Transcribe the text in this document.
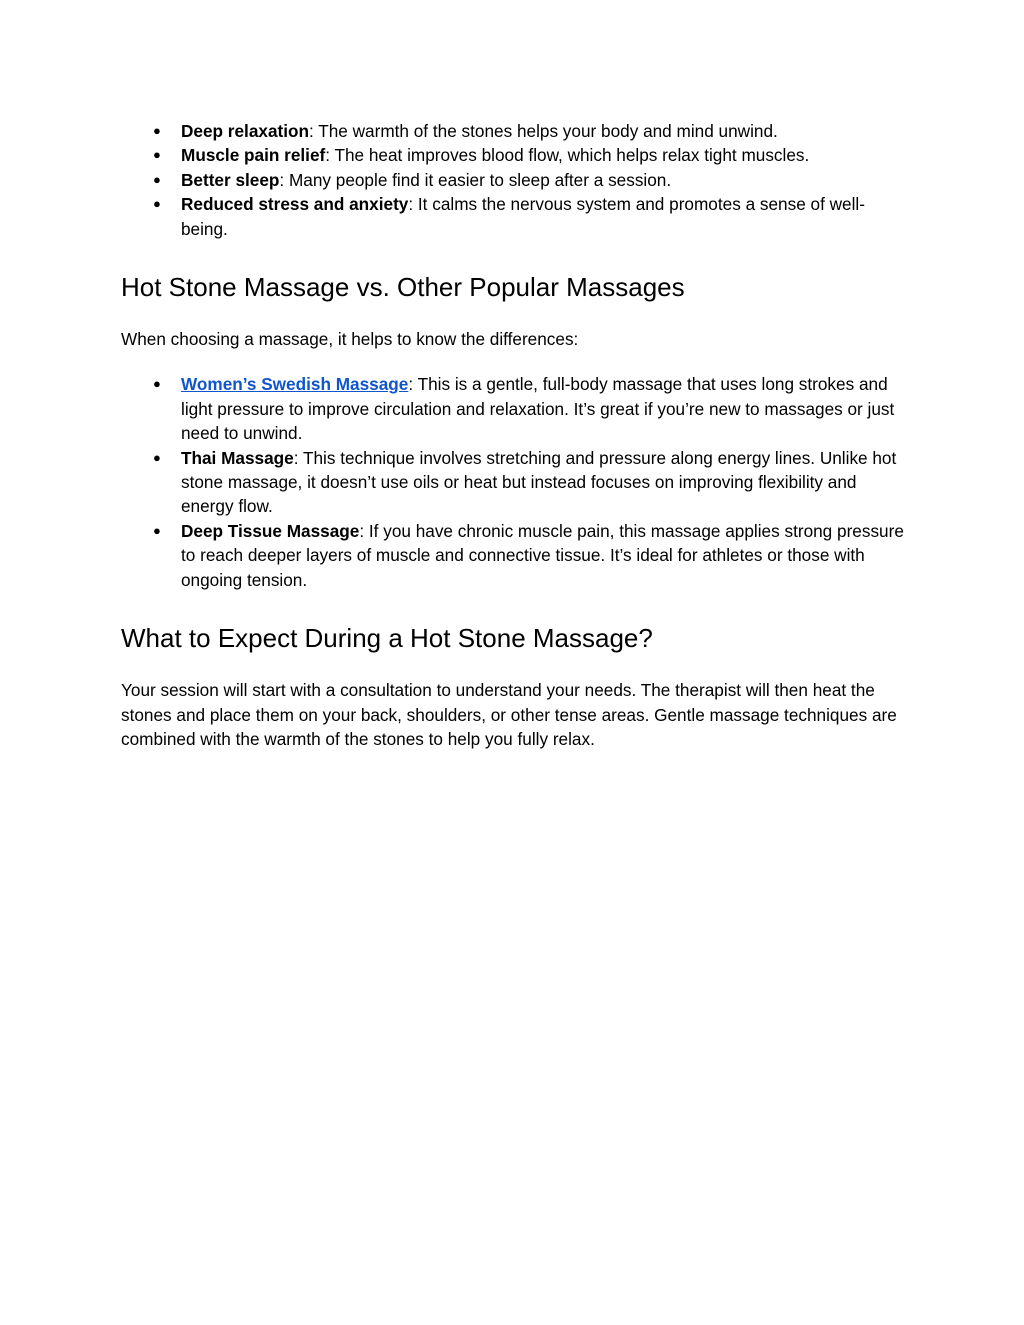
● Deep relaxation: The warmth of the stones helps your body and mind unwind.
● Muscle pain relief: The heat improves blood flow, which helps relax tight muscles.
● Better sleep: Many people find it easier to sleep after a session.
● Reduced stress and anxiety: It calms the nervous system and promotes a sense of well-being.
Hot Stone Massage vs. Other Popular Massages

When choosing a massage, it helps to know the differences:

● Women’s Swedish Massage: This is a gentle, full-body massage that uses long strokes and light pressure to improve circulation and relaxation. It’s great if you’re new to massages or just need to unwind.
● Thai Massage: This technique involves stretching and pressure along energy lines. Unlike hot stone massage, it doesn’t use oils or heat but instead focuses on improving flexibility and energy flow.
● Deep Tissue Massage: If you have chronic muscle pain, this massage applies strong pressure to reach deeper layers of muscle and connective tissue. It’s ideal for athletes or those with ongoing tension.
What to Expect During a Hot Stone Massage?

Your session will start with a consultation to understand your needs. The therapist will then heat the stones and place them on your back, shoulders, or other tense areas. Gentle massage techniques are combined with the warmth of the stones to help you fully relax.
